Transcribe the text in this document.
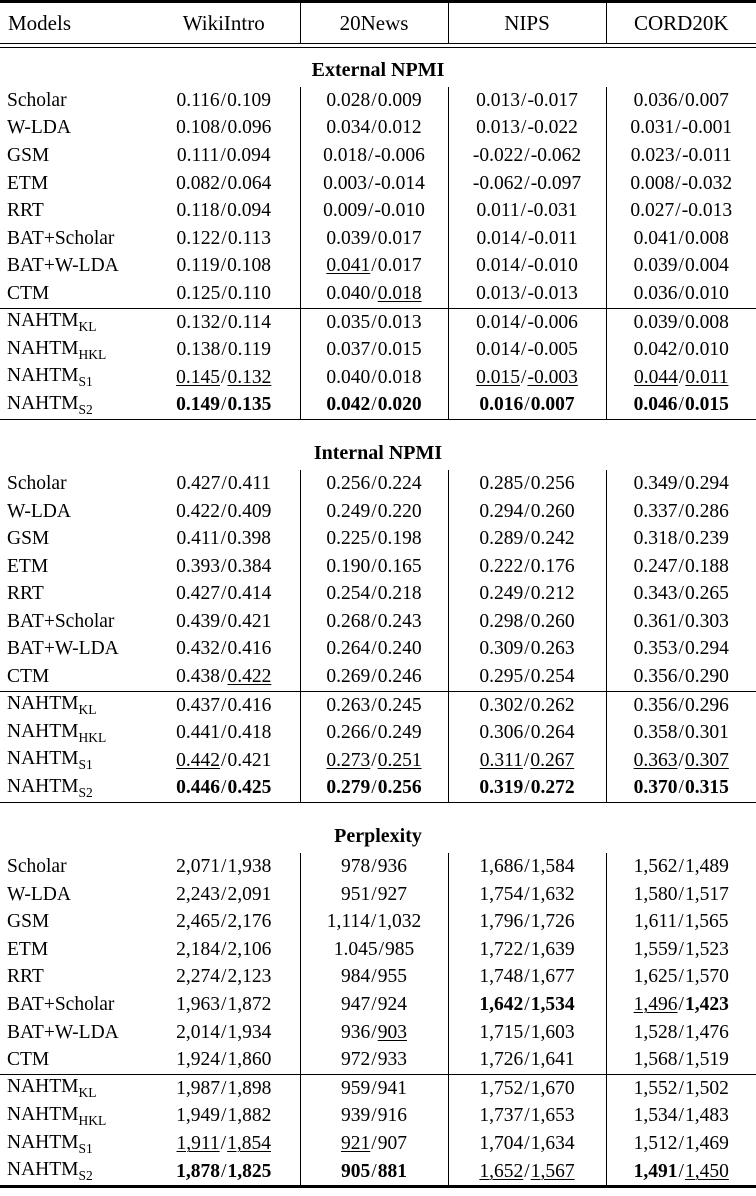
Models	WikiIntro	20News	NIPS	CORD20K

External NPMI				
Scholar	0.116/0.109	0.028/0.009	0.013/-0.017	0.036/0.007
W-LDA	0.108/0.096	0.034/0.012	0.013/-0.022	0.031/-0.001
GSM	0.111/0.094	0.018/-0.006	-0.022/-0.062	0.023/-0.011
ETM	0.082/0.064	0.003/-0.014	-0.062/-0.097	0.008/-0.032
RRT	0.118/0.094	0.009/-0.010	0.011/-0.031	0.027/-0.013
BAT+Scholar	0.122/0.113	0.039/0.017	0.014/-0.011	0.041/0.008
BAT+W-LDA	0.119/0.108	0.041/0.017	0.014/-0.010	0.039/0.004
CTM	0.125/0.110	0.040/0.018	0.013/-0.013	0.036/0.010

$NAHTM_{KL}$	0.132/0.114	0.035/0.013	0.014/-0.006	0.039/0.008
$NAHTM_{HKL}$	0.138/0.119	0.037/0.015	0.014/-0.005	0.042/0.010
$NAHTM_{S1}$	0.145/0.132	0.040/0.018	0.015/-0.003	0.044/0.011
$NAHTM_{S2}$	0.149/0.135	0.042/0.020	0.016/0.007	0.046/0.015

Internal NPMI				
Scholar	0.427/0.411	0.256/0.224	0.285/0.256	0.349/0.294
W-LDA	0.422/0.409	0.249/0.220	0.294/0.260	0.337/0.286
GSM	0.411/0.398	0.225/0.198	0.289/0.242	0.318/0.239
ETM	0.393/0.384	0.190/0.165	0.222/0.176	0.247/0.188
RRT	0.427/0.414	0.254/0.218	0.249/0.212	0.343/0.265
BAT+Scholar	0.439/0.421	0.268/0.243	0.298/0.260	0.361/0.303
BAT+W-LDA	0.432/0.416	0.264/0.240	0.309/0.263	0.353/0.294
CTM	0.438/0.422	0.269/0.246	0.295/0.254	0.356/0.290

$NAHTM_{KL}$	0.437/0.416	0.263/0.245	0.302/0.262	0.356/0.296
$NAHTM_{HKL}$	0.441/0.418	0.266/0.249	0.306/0.264	0.358/0.301
$NAHTM_{S1}$	0.442/0.421	0.273/0.251	0.311/0.267	0.363/0.307
$NAHTM_{S2}$	0.446/0.425	0.279/0.256	0.319/0.272	0.370/0.315

Perplexity				
Scholar	2,071/1,938	978/936	1,686/1,584	1,562/1,489
W-LDA	2,243/2,091	951/927	1,754/1,632	1,580/1,517
GSM	2,465/2,176	1,114/1,032	1,796/1,726	1,611/1,565
ETM	2,184/2,106	1.045/985	1,722/1,639	1,559/1,523
RRT	2,274/2,123	984/955	1,748/1,677	1,625/1,570
BAT+Scholar	1,963/1,872	947/924	1,642/1,534	1,496/1,423
BAT+W-LDA	2,014/1,934	936/903	1,715/1,603	1,528/1,476
CTM	1,924/1,860	972/933	1,726/1,641	1,568/1,519

$NAHTM_{KL}$	1,987/1,898	959/941	1,752/1,670	1,552/1,502
$NAHTM_{HKL}$	1,949/1,882	939/916	1,737/1,653	1,534/1,483
$NAHTM_{S1}$	1,911/1,854	921/907	1,704/1,634	1,512/1,469
$NAHTM_{S2}$	1,878/1,825	905/881	1,652/1,567	1,491/1,450
